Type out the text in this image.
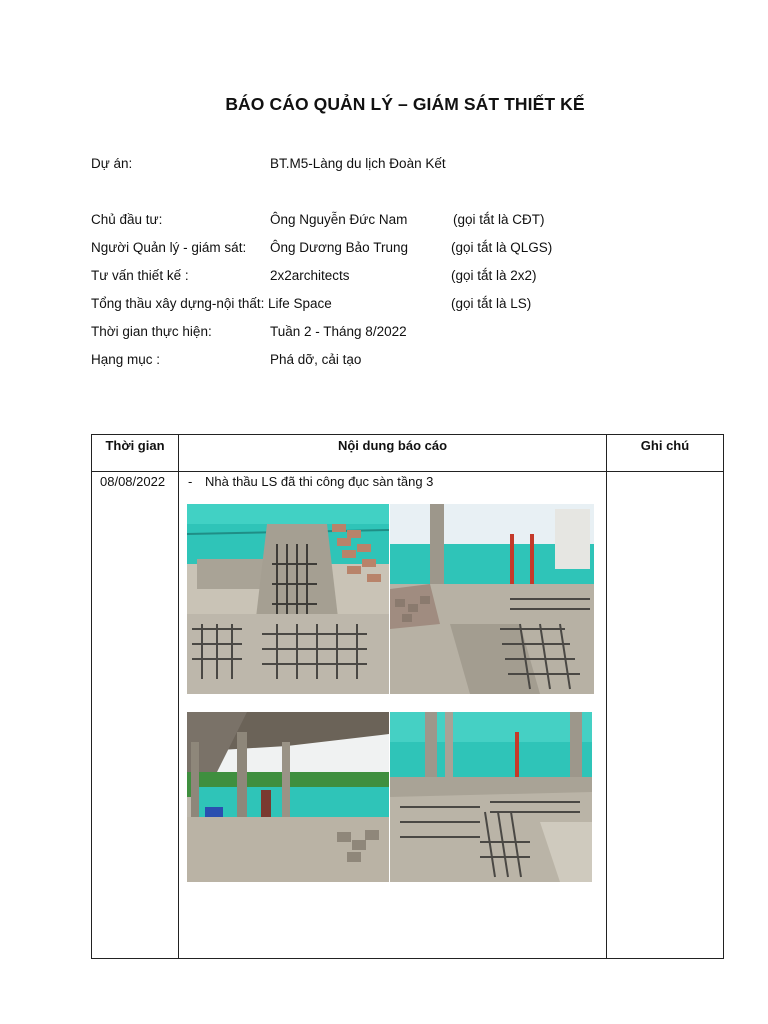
BÁO CÁO QUẢN LÝ – GIÁM SÁT THIẾT KẾ
Dự án:	BT.M5-Làng du lịch Đoàn Kết
Chủ đầu tư:	Ông Nguyễn Đức Nam	(gọi tắt là CĐT)
Người Quản lý - giám sát: Ông Dương Bảo Trung	(gọi tắt là QLGS)
Tư vấn thiết kế :	2x2architects	(gọi tắt là 2x2)
Tổng thầu xây dựng-nội thất: Life Space	(gọi tắt là LS)
Thời gian thực hiện:	Tuần 2 - Tháng 8/2022
Hạng mục :	Phá dỡ, cải tạo
Thời gian	Nội dung báo cáo	Ghi chú
08/08/2022	- Nhà thầu LS đã thi công đục sàn tầng 3	
